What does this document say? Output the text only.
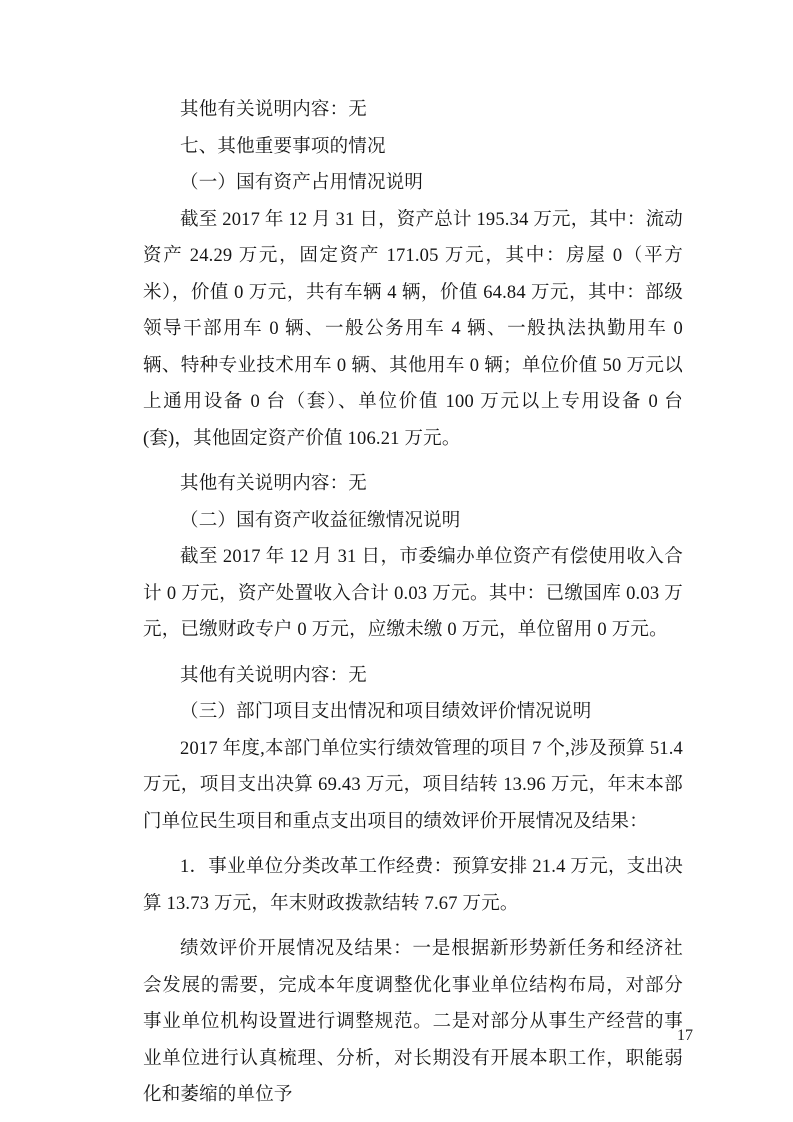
其他有关说明内容：无

七、其他重要事项的情况

（一）国有资产占用情况说明

截至 2017 年 12 月 31 日，资产总计 195.34 万元，其中：流动资产 24.29 万元，固定资产 171.05 万元，其中：房屋 0（平方米），价值 0 万元，共有车辆 4 辆，价值 64.84 万元，其中：部级领导干部用车 0 辆、一般公务用车 4 辆、一般执法执勤用车 0 辆、特种专业技术用车 0 辆、其他用车 0 辆；单位价值 50 万元以上通用设备 0 台（套）、单位价值 100 万元以上专用设备 0 台(套)，其他固定资产价值 106.21 万元。

其他有关说明内容：无

（二）国有资产收益征缴情况说明

截至 2017 年 12 月 31 日，市委编办单位资产有偿使用收入合计 0 万元，资产处置收入合计 0.03 万元。其中：已缴国库 0.03 万元，已缴财政专户 0 万元，应缴未缴 0 万元，单位留用 0 万元。

其他有关说明内容：无

（三）部门项目支出情况和项目绩效评价情况说明

2017 年度,本部门单位实行绩效管理的项目 7 个,涉及预算 51.4 万元，项目支出决算 69.43 万元，项目结转 13.96 万元，年末本部门单位民生项目和重点支出项目的绩效评价开展情况及结果：

1．事业单位分类改革工作经费：预算安排 21.4 万元，支出决算 13.73 万元，年末财政拨款结转 7.67 万元。

绩效评价开展情况及结果：一是根据新形势新任务和经济社会发展的需要，完成本年度调整优化事业单位结构布局，对部分事业单位机构设置进行调整规范。二是对部分从事生产经营的事业单位进行认真梳理、分析，对长期没有开展本职工作，职能弱化和萎缩的单位予

17
